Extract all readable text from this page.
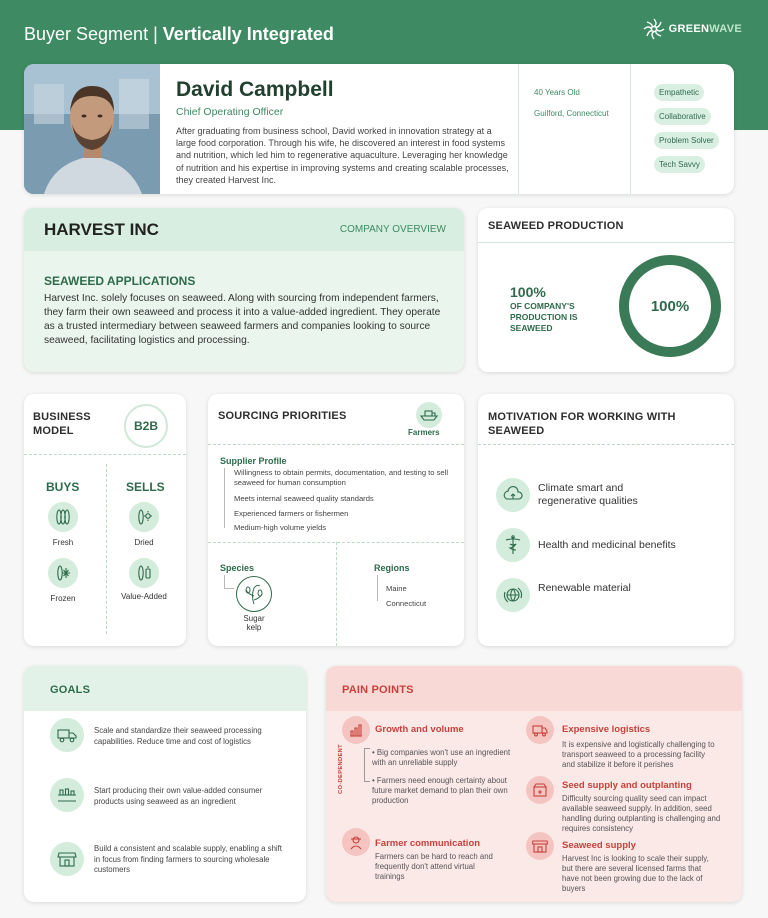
Buyer Segment | Vertically Integrated	GREEN WAVE
David Campbell
Chief Operating Officer
After graduating from business school, David worked in innovation strategy at a large food corporation. Through his wife, he discovered an interest in food systems and nutrition, which led him to regenerative aquaculture. Leveraging her knowledge of nutrition and his expertise in improving systems and creating scalable processes, they created Harvest Inc.
40 Years Old
Guilford, Connecticut
Empathetic
Collaborative
Problem Solver
Tech Savvy
HARVEST INC	COMPANY OVERVIEW
SEAWEED APPLICATIONS
Harvest Inc. solely focuses on seaweed. Along with sourcing from independent farmers, they farm their own seaweed and process it into a value-added ingredient. They operate as a trusted intermediary between seaweed farmers and companies looking to source seaweed, facilitating logistics and processing.
SEAWEED PRODUCTION
100%
OF COMPANY'S PRODUCTION IS SEAWEED
100%
BUSINESS MODEL	B2B
BUYS	SELLS
Fresh
Frozen
Dried
Value-Added
SOURCING PRIORITIES
Farmers
Supplier Profile
Willingness to obtain permits, documentation, and testing to sell seaweed for human consumption
Meets internal seaweed quality standards
Experienced farmers or fishermen
Medium-high volume yields
Species
Sugar kelp
Regions
Maine
Connecticut
MOTIVATION FOR WORKING WITH SEAWEED
Climate smart and regenerative qualities
Health and medicinal benefits
Renewable material
GOALS
Scale and standardize their seaweed processing capabilities. Reduce time and cost of logistics
Start producing their own value-added consumer products using seaweed as an ingredient
Build a consistent and scalable supply, enabling a shift in focus from finding farmers to sourcing wholesale customers
PAIN POINTS
CO-DEPENDENT
Growth and volume
• Big companies won't use an ingredient with an unreliable supply
• Farmers need enough certainty about future market demand to plan their own production
Farmer communication
Farmers can be hard to reach and frequently don't attend virtual trainings
Expensive logistics
It is expensive and logistically challenging to transport seaweed to a processing facility and stabilize it before it perishes
Seed supply and outplanting
Difficulty sourcing quality seed can impact available seaweed supply. In addition, seed handling during outplanting is challenging and requires consistency
Seaweed supply
Harvest Inc is looking to scale their supply, but there are several licensed farms that have not been growing due to the lack of buyers
